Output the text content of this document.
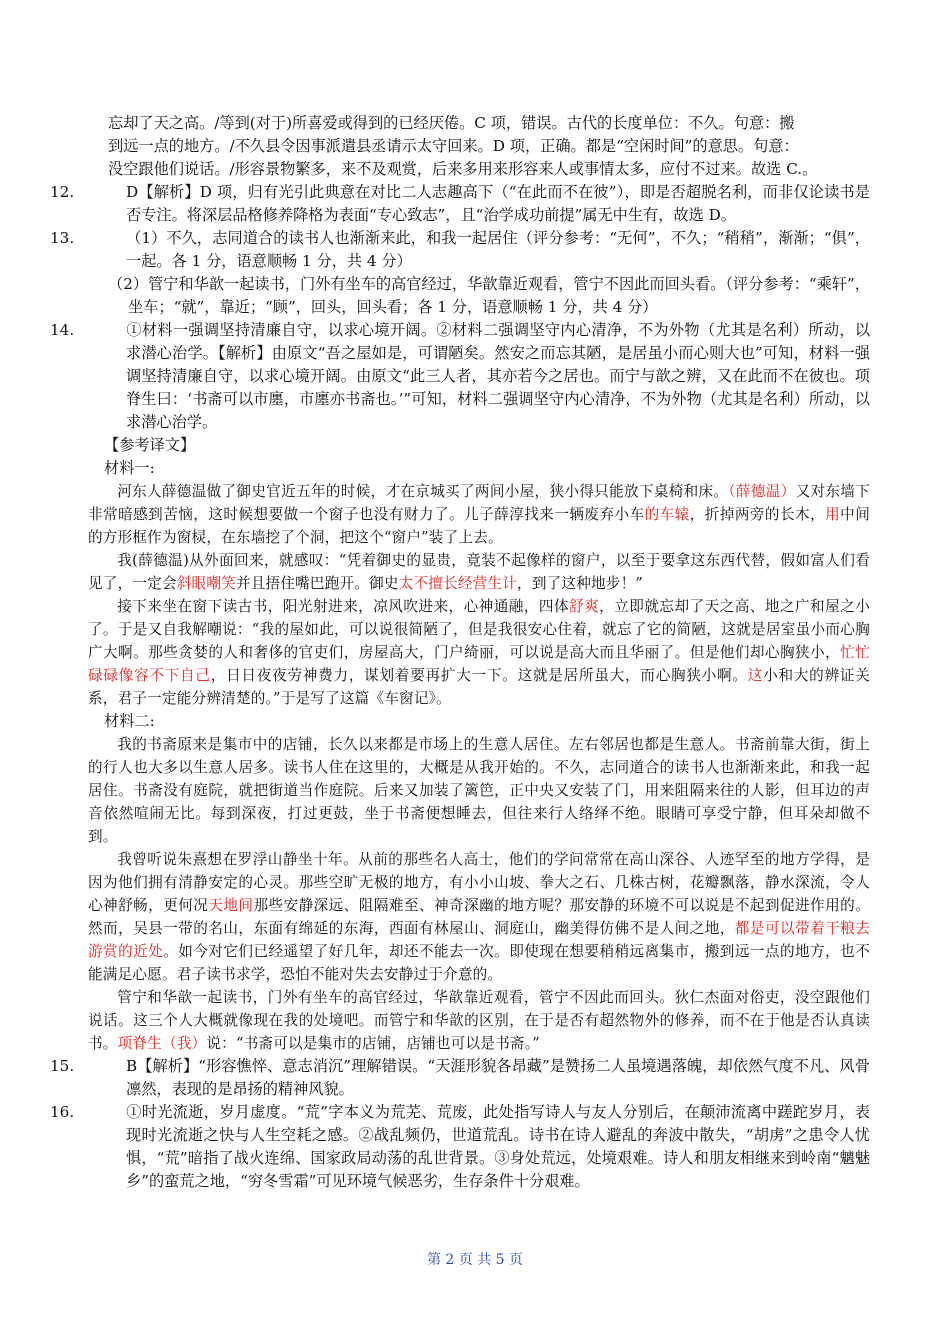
忘却了天之高。/等到(对于)所喜爱或得到的已经厌倦。C 项，错误。古代的长度单位：不久。句意：搬
到远一点的地方。/不久县令因事派遣县丞请示太守回来。D 项，正确。都是“空闲时间”的意思。句意：
没空跟他们说话。/形容景物繁多，来不及观赏，后来多用来形容来人或事情太多，应付不过来。故选 C.。

12.	D【解析】D 项，归有光引此典意在对比二人志趣高下（“在此而不在彼”），即是否超脱名利，而非仅论读书是否专注。将深层品格修养降格为表面“专心致志”，且“治学成功前提”属无中生有，故选 D。

13.	（1）不久，志同道合的读书人也渐渐来此，和我一起居住（评分参考：“无何”，不久；“稍稍”，渐渐；“俱”，一起。各 1 分，语意顺畅 1 分，共 4 分）

（2）管宁和华歆一起读书，门外有坐车的高官经过，华歆靠近观看，管宁不因此而回头看。（评分参考：“乘轩”，坐车；“就”，靠近；“顾”，回头，回头看；各 1 分，语意顺畅 1 分，共 4 分）

14.	①材料一强调坚持清廉自守，以求心境开阔。②材料二强调坚守内心清净，不为外物（尤其是名利）所动，以求潜心治学。【解析】由原文“吾之屋如是，可谓陋矣。然安之而忘其陋，是居虽小而心则大也”可知，材料一强调坚持清廉自守，以求心境开阔。由原文“此三人者，其亦若今之居也。而宁与歆之辨，又在此而不在彼也。项脊生曰：‘书斋可以市廛，市廛亦书斋也。’”可知，材料二强调坚守内心清净，不为外物（尤其是名利）所动，以求潜心治学。

【参考译文】

材料一:

河东人薛德温做了御史官近五年的时候，才在京城买了两间小屋，狭小得只能放下桌椅和床。（薛德温）又对东墙下非常暗感到苦恼，这时候想要做一个窗子也没有财力了。儿子薛淳找来一辆废弃小车的车辕，折掉两旁的长木，用中间的方形框作为窗棂，在东墙挖了个洞，把这个“窗户”装了上去。

我(薛德温)从外面回来，就感叹：“凭着御史的显贵，竟装不起像样的窗户，以至于要拿这东西代替，假如富人们看见了，一定会斜眼嘲笑并且捂住嘴巴跑开。御史太不擅长经营生计，到了这种地步！”

接下来坐在窗下读古书，阳光射进来，凉风吹进来，心神通融，四体舒爽，立即就忘却了天之高、地之广和屋之小了。于是又自我解嘲说：“我的屋如此，可以说很简陋了，但是我很安心住着，就忘了它的简陋，这就是居室虽小而心胸广大啊。那些贪婪的人和奢侈的官吏们，房屋高大，门户绮丽，可以说是高大而且华丽了。但是他们却心胸狭小，忙忙碌碌像容不下自己，日日夜夜劳神费力，谋划着要再扩大一下。这就是居所虽大，而心胸狭小啊。这小和大的辨证关系，君子一定能分辨清楚的。”于是写了这篇《车窗记》。

材料二:

我的书斋原来是集市中的店铺，长久以来都是市场上的生意人居住。左右邻居也都是生意人。书斋前靠大街，街上的行人也大多以生意人居多。读书人住在这里的，大概是从我开始的。不久，志同道合的读书人也渐渐来此，和我一起居住。书斋没有庭院，就把街道当作庭院。后来又加装了篱笆，正中央又安装了门，用来阻隔来往的人影，但耳边的声音依然喧闹无比。每到深夜，打过更鼓，坐于书斋便想睡去，但往来行人络绎不绝。眼睛可享受宁静，但耳朵却做不到。

我曾听说朱熹想在罗浮山静坐十年。从前的那些名人高士，他们的学问常常在高山深谷、人迹罕至的地方学得，是因为他们拥有清静安定的心灵。那些空旷无极的地方，有小小山坡、拳大之石、几株古树，花瓣飘落，静水深流，令人心神舒畅，更何况天地间那些安静深远、阻隔难至、神奇深幽的地方呢？那安静的环境不可以说是不起到促进作用的。然而，吴县一带的名山，东面有绵延的东海，西面有林屋山、洞庭山，幽美得仿佛不是人间之地，都是可以带着干粮去游赏的近处。如今对它们已经遥望了好几年，却还不能去一次。即使现在想要稍稍远离集市，搬到远一点的地方，也不能满足心愿。君子读书求学，恐怕不能对失去安静过于介意的。

管宁和华歆一起读书，门外有坐车的高官经过，华歆靠近观看，管宁不因此而回头。狄仁杰面对俗吏，没空跟他们说话。这三个人大概就像现在我的处境吧。而管宁和华歆的区别，在于是否有超然物外的修养，而不在于他是否认真读书。项脊生（我）说：“书斋可以是集市的店铺，店铺也可以是书斋。”

15.	B【解析】“形容憔悴、意志消沉”理解错误。“天涯形貌各昂藏”是赞扬二人虽境遇落魄，却依然气度不凡、风骨凛然，表现的是昂扬的精神风貌。

16.	①时光流逝，岁月虚度。“荒”字本义为荒芜、荒废，此处指写诗人与友人分别后，在颠沛流离中蹉跎岁月，表现时光流逝之快与人生空耗之感。②战乱频仍，世道荒乱。诗书在诗人避乱的奔波中散失，“胡虏”之患令人忧惧，“荒”暗指了战火连绵、国家政局动荡的乱世背景。③身处荒远，处境艰难。诗人和朋友相继来到岭南“魑魅乡”的蛮荒之地，“穷冬雪霜”可见环境气候恶劣，生存条件十分艰难。

第 2 页 共 5 页
